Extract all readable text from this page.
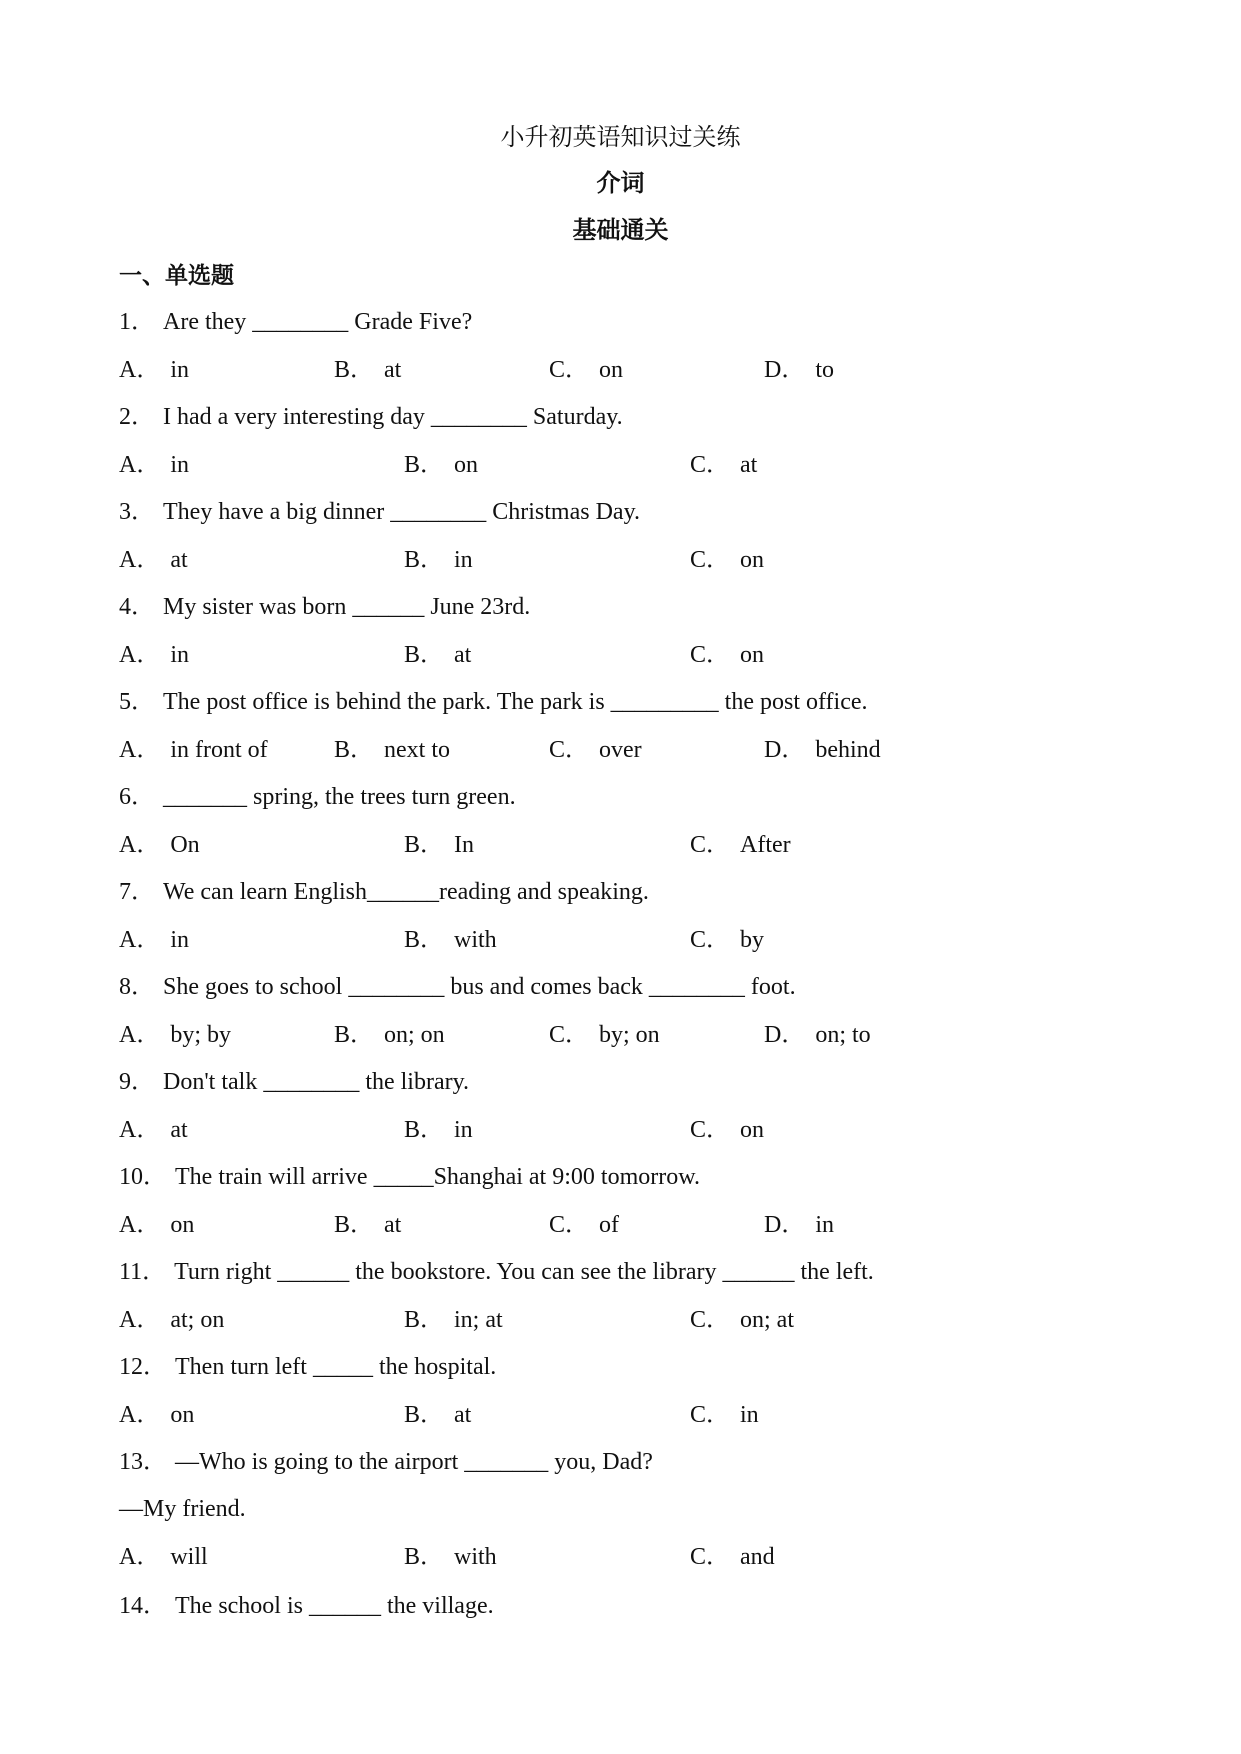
小升初英语知识过关练
介词
基础通关
一、单选题
1． Are they ________ Grade Five?
A． in	B． at	C． on	D． to
2． I had a very interesting day ________ Saturday.
A． in	B． on	C． at
3． They have a big dinner ________ Christmas Day.
A． at	B． in	C． on
4． My sister was born ______ June 23rd.
A． in	B． at	C． on
5． The post office is behind the park. The park is _________ the post office.
A． in front of	B． next to	C． over	D． behind
6． _______ spring, the trees turn green.
A． On	B． In	C． After
7． We can learn English______reading and speaking.
A． in	B． with	C． by
8． She goes to school ________ bus and comes back ________ foot.
A． by; by	B． on; on	C． by; on	D． on; to
9． Don't talk ________ the library.
A． at	B． in	C． on
10． The train will arrive _____Shanghai at 9:00 tomorrow.
A． on	B． at	C． of	D． in
11． Turn right ______ the bookstore. You can see the library ______ the left.
A． at; on	B． in; at	C． on; at
12． Then turn left _____ the hospital.
A． on	B． at	C． in
13． —Who is going to the airport _______ you, Dad?
—My friend.
A． will	B． with	C． and
14． The school is ______ the village.
